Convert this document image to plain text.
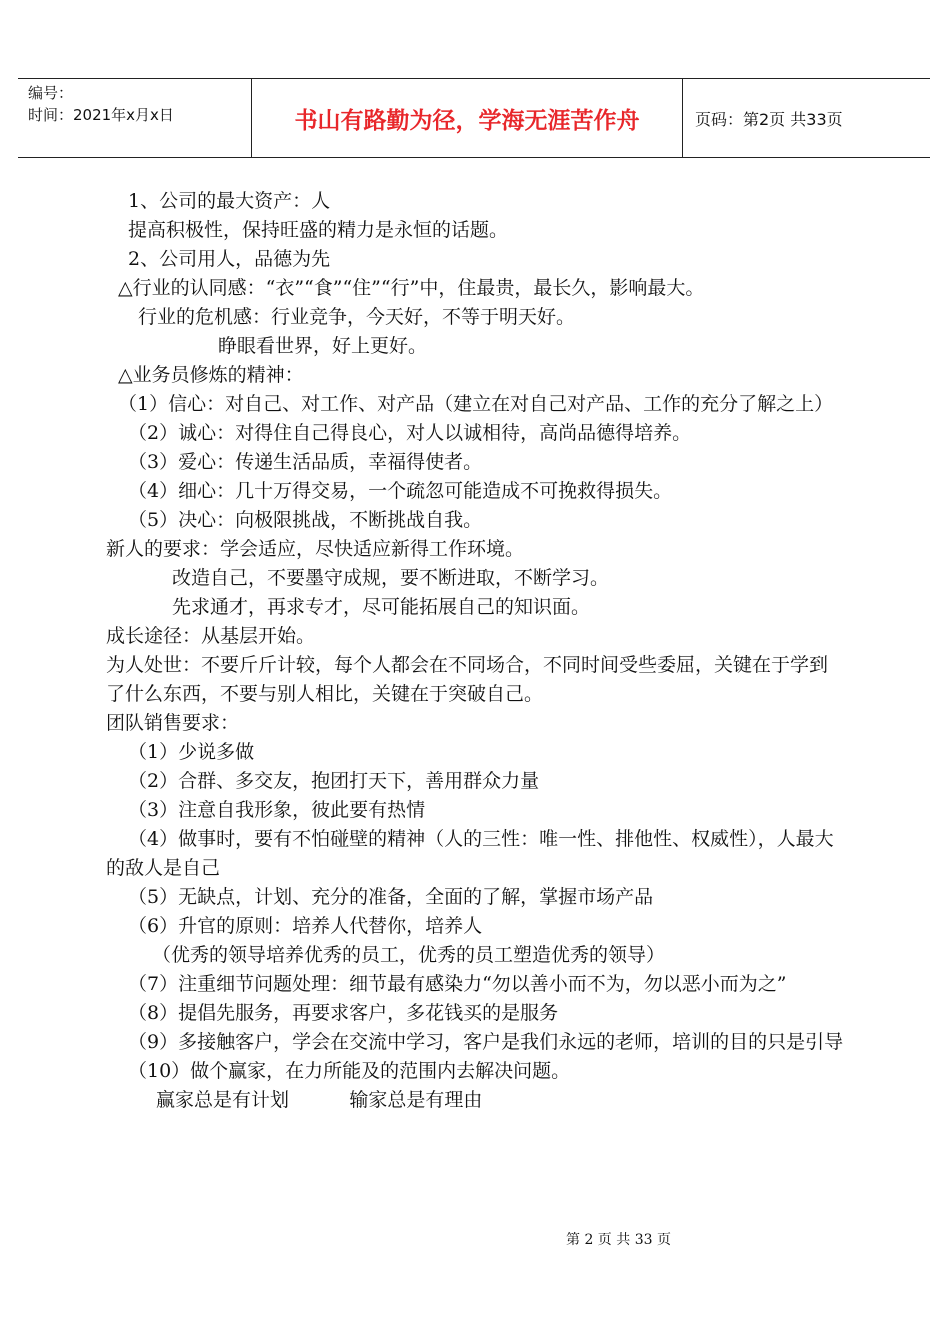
编号：
时间：2021年x月x日	书山有路勤为径，学海无涯苦作舟	页码：第2页 共33页
1、公司的最大资产：人
提高积极性，保持旺盛的精力是永恒的话题。
2、公司用人，品德为先
△行业的认同感：“衣”“食”“住”“行”中，住最贵，最长久，影响最大。
行业的危机感：行业竞争，今天好，不等于明天好。
睁眼看世界，好上更好。
△业务员修炼的精神：
（1）信心：对自己、对工作、对产品（建立在对自己对产品、工作的充分了解之上）
（2）诚心：对得住自己得良心，对人以诚相待，高尚品德得培养。
（3）爱心：传递生活品质，幸福得使者。
（4）细心：几十万得交易，一个疏忽可能造成不可挽救得损失。
（5）决心：向极限挑战，不断挑战自我。
新人的要求：学会适应，尽快适应新得工作环境。
改造自己，不要墨守成规，要不断进取，不断学习。
先求通才，再求专才，尽可能拓展自己的知识面。
成长途径：从基层开始。
为人处世：不要斤斤计较，每个人都会在不同场合，不同时间受些委屈，关键在于学到了什么东西，不要与别人相比，关键在于突破自己。
团队销售要求：
（1）少说多做
（2）合群、多交友，抱团打天下，善用群众力量
（3）注意自我形象，彼此要有热情
（4）做事时，要有不怕碰壁的精神（人的三性：唯一性、排他性、权威性），人最大的敌人是自己
（5）无缺点，计划、充分的准备，全面的了解，掌握市场产品
（6）升官的原则：培养人代替你，培养人
（优秀的领导培养优秀的员工，优秀的员工塑造优秀的领导）
（7）注重细节问题处理：细节最有感染力“勿以善小而不为，勿以恶小而为之”
（8）提倡先服务，再要求客户，多花钱买的是服务
（9）多接触客户，学会在交流中学习，客户是我们永远的老师，培训的目的只是引导
（10）做个赢家，在力所能及的范围内去解决问题。
赢家总是有计划          输家总是有理由
第 2 页 共 33 页
